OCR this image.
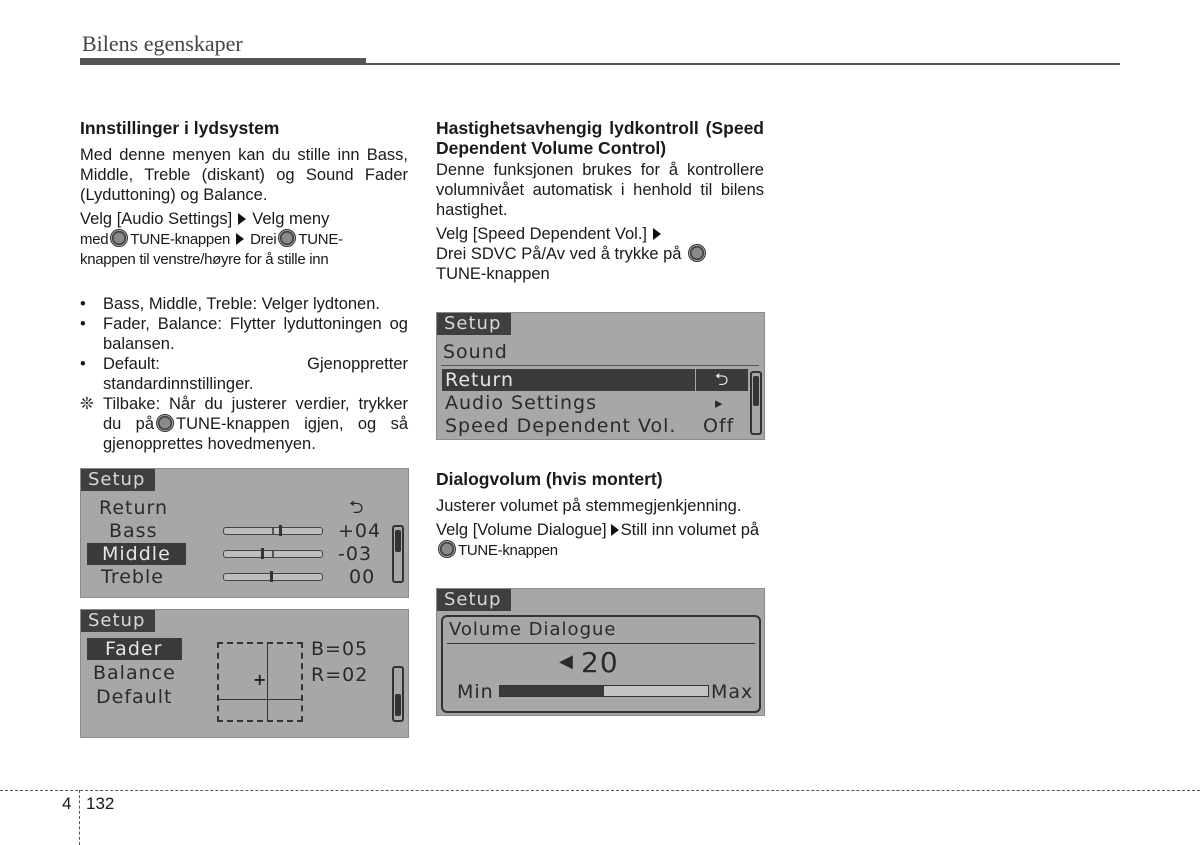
Bilens egenskaper

Innstillinger i lydsystem

Med denne menyen kan du stille inn Bass, Middle, Treble (diskant) og Sound Fader (Lyduttoning) og Balance.

Velg [Audio Settings] Velg meny

med TUNE-knappen Drei TUNE-

knappen til venstre/høyre for å stille inn

• Bass, Middle, Treble: Velger lydtonen.
• Fader, Balance: Flytter lyduttoningen og balansen.
• Default: Gjenoppretter standardinnstillinger.
❊ Tilbake: Når du justerer verdier, trykker du på TUNE-knappen igjen, og så gjenopprettes hovedmenyen.
Setup
Return	⮌
Bass	+04
Middle	-03
Treble	00
Setup
Fader
Balance
Default
+
B=05
R=02

Hastighetsavhengig lydkontroll (Speed Dependent Volume Control)

Denne funksjonen brukes for å kontrollere volumnivået automatisk i henhold til bilens hastighet.

Velg [Speed Dependent Vol.]

Drei SDVC På/Av ved å trykke på

TUNE-knappen

Setup
Sound
Return	⮌
Audio Settings	▸
Speed Dependent Vol. Off

Dialogvolum (hvis montert)

Justerer volumet på stemmegjenkjenning.

Velg [Volume Dialogue] Still inn volumet på

TUNE-knappen

Setup
Volume Dialogue
◀ 20
Min	Max
4 132
